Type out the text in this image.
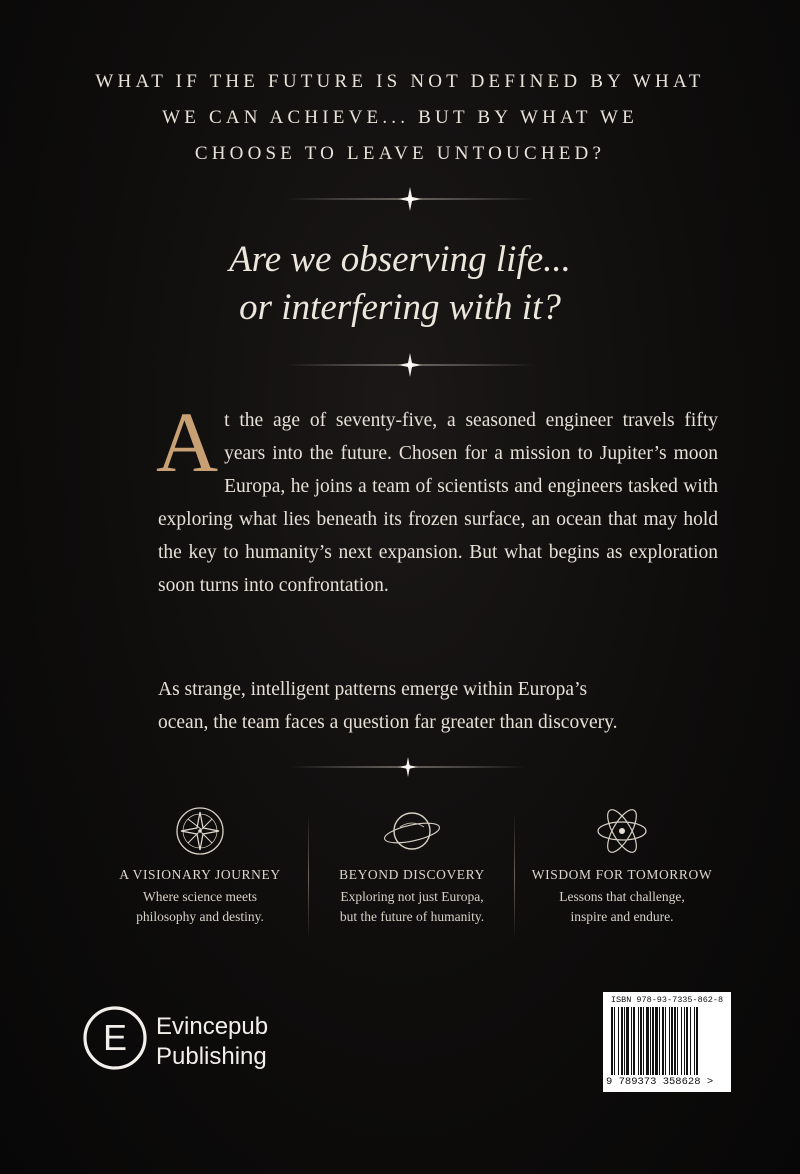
WHAT IF THE FUTURE IS NOT DEFINED BY WHAT
WE CAN ACHIEVE... BUT BY WHAT WE
CHOOSE TO LEAVE UNTOUCHED?
Are we observing life...
or interfering with it?
A t the age of seventy-five, a seasoned engineer travels fifty years into the future. Chosen for a mission to Jupiter’s moon Europa, he joins a team of scientists and engineers tasked with exploring what lies beneath its frozen surface, an ocean that may hold the key to humanity’s next expansion. But what begins as exploration soon turns into confrontation.
As strange, intelligent patterns emerge within Europa’s
ocean, the team faces a question far greater than discovery.
A VISIONARY JOURNEY
Where science meets
philosophy and destiny.
BEYOND DISCOVERY
Exploring not just Europa,
but the future of humanity.
WISDOM FOR TOMORROW
Lessons that challenge,
inspire and endure.
E Evincepub
Publishing
ISBN 978-93-7335-862-8
9 789373 358628 >
